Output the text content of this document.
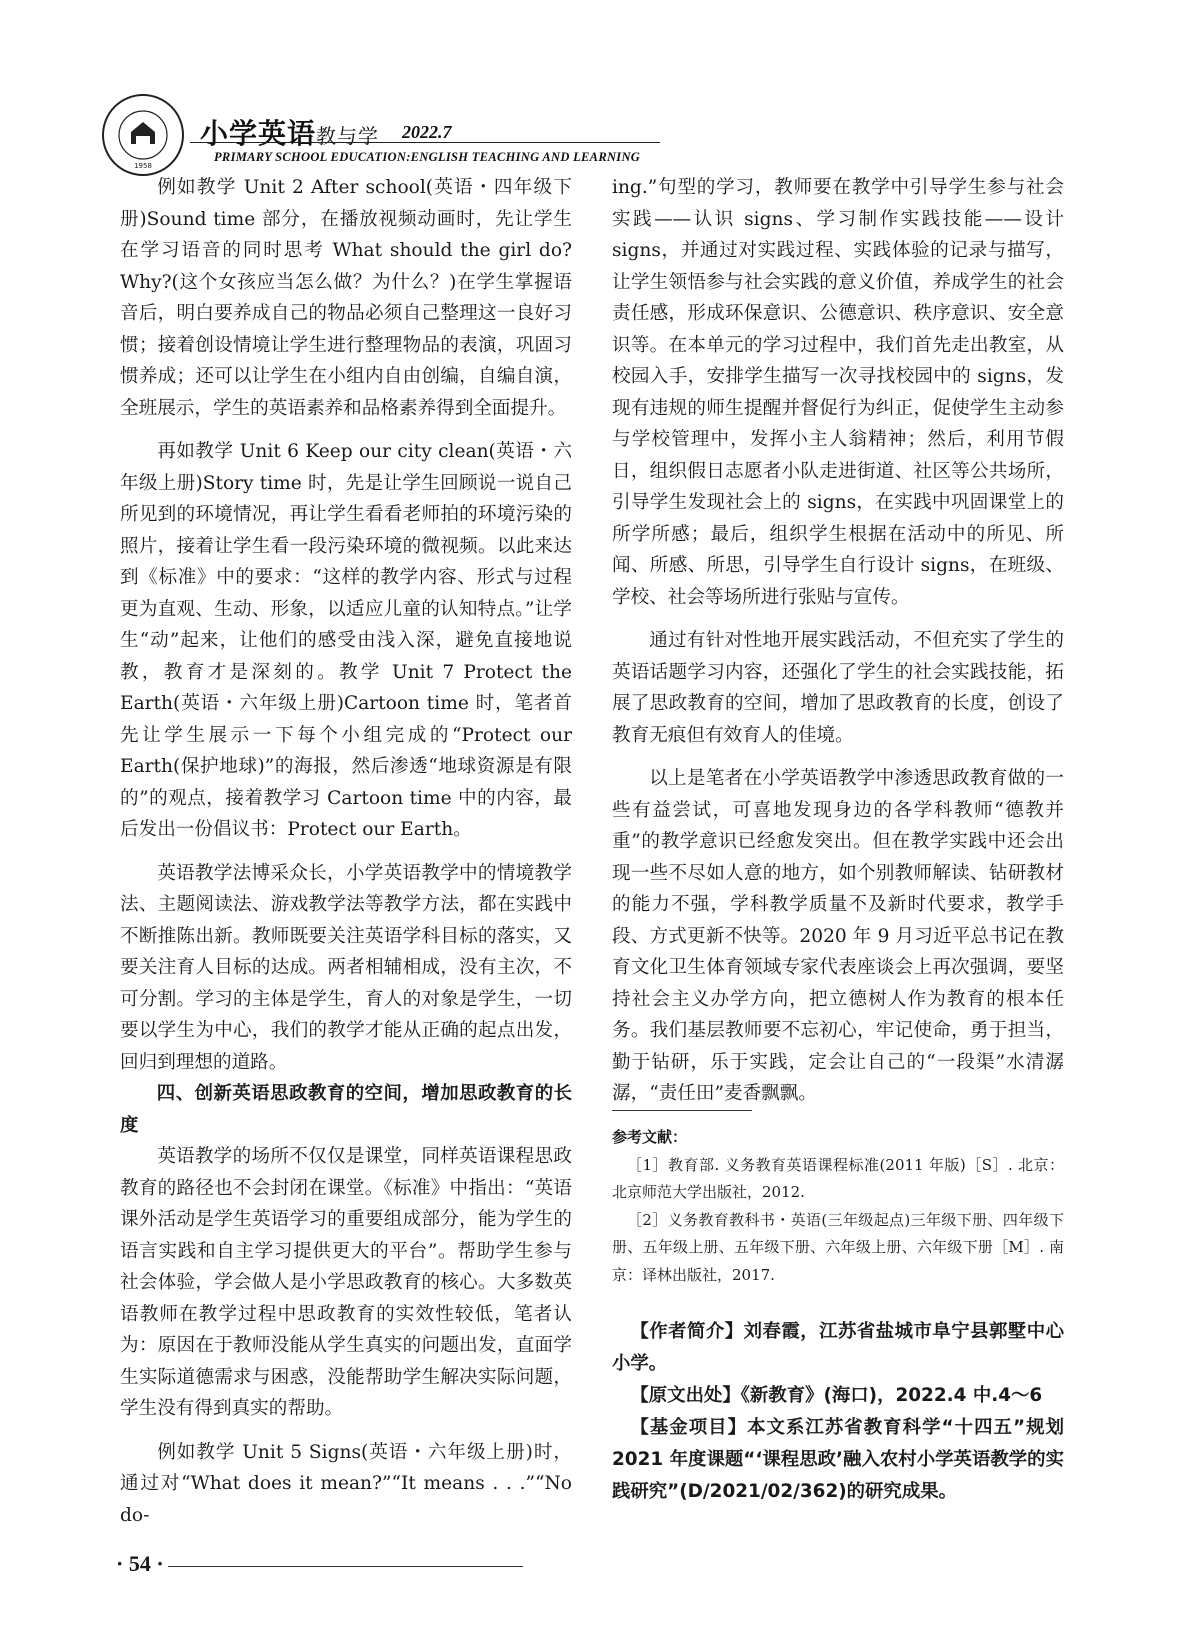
1958
小学英语教与学 2022.7
PRIMARY SCHOOL EDUCATION:ENGLISH TEACHING AND LEARNING

例如教学 Unit 2 After school(英语・四年级下册)Sound time 部分，在播放视频动画时，先让学生在学习语音的同时思考 What should the girl do? Why?(这个女孩应当怎么做？为什么？)在学生掌握语音后，明白要养成自己的物品必须自己整理这一良好习惯；接着创设情境让学生进行整理物品的表演，巩固习惯养成；还可以让学生在小组内自由创编，自编自演，全班展示，学生的英语素养和品格素养得到全面提升。

再如教学 Unit 6 Keep our city clean(英语・六年级上册)Story time 时，先是让学生回顾说一说自己所见到的环境情况，再让学生看看老师拍的环境污染的照片，接着让学生看一段污染环境的微视频。以此来达到《标准》中的要求：“这样的教学内容、形式与过程更为直观、生动、形象，以适应儿童的认知特点。”让学生“动”起来，让他们的感受由浅入深，避免直接地说教，教育才是深刻的。教学 Unit 7 Protect the Earth(英语・六年级上册)Cartoon time 时，笔者首先让学生展示一下每个小组完成的“Protect our Earth(保护地球)”的海报，然后渗透“地球资源是有限的”的观点，接着教学习 Cartoon time 中的内容，最后发出一份倡议书：Protect our Earth。

英语教学法博采众长，小学英语教学中的情境教学法、主题阅读法、游戏教学法等教学方法，都在实践中不断推陈出新。教师既要关注英语学科目标的落实，又要关注育人目标的达成。两者相辅相成，没有主次，不可分割。学习的主体是学生，育人的对象是学生，一切要以学生为中心，我们的教学才能从正确的起点出发，回归到理想的道路。

四、创新英语思政教育的空间，增加思政教育的长度

英语教学的场所不仅仅是课堂，同样英语课程思政教育的路径也不会封闭在课堂。《标准》中指出：“英语课外活动是学生英语学习的重要组成部分，能为学生的语言实践和自主学习提供更大的平台”。帮助学生参与社会体验，学会做人是小学思政教育的核心。大多数英语教师在教学过程中思政教育的实效性较低，笔者认为：原因在于教师没能从学生真实的问题出发，直面学生实际道德需求与困惑，没能帮助学生解决实际问题，学生没有得到真实的帮助。

例如教学 Unit 5 Signs(英语・六年级上册)时，通过对“What does it mean?”“It means . . .”“No do-

ing.”句型的学习，教师要在教学中引导学生参与社会实践——认识 signs、学习制作实践技能——设计 signs，并通过对实践过程、实践体验的记录与描写，让学生领悟参与社会实践的意义价值，养成学生的社会责任感，形成环保意识、公德意识、秩序意识、安全意识等。在本单元的学习过程中，我们首先走出教室，从校园入手，安排学生描写一次寻找校园中的 signs，发现有违规的师生提醒并督促行为纠正，促使学生主动参与学校管理中，发挥小主人翁精神；然后，利用节假日，组织假日志愿者小队走进街道、社区等公共场所，引导学生发现社会上的 signs，在实践中巩固课堂上的所学所感；最后，组织学生根据在活动中的所见、所闻、所感、所思，引导学生自行设计 signs，在班级、学校、社会等场所进行张贴与宣传。

通过有针对性地开展实践活动，不但充实了学生的英语话题学习内容，还强化了学生的社会实践技能，拓展了思政教育的空间，增加了思政教育的长度，创设了教育无痕但有效育人的佳境。

以上是笔者在小学英语教学中渗透思政教育做的一些有益尝试，可喜地发现身边的各学科教师“德教并重”的教学意识已经愈发突出。但在教学实践中还会出现一些不尽如人意的地方，如个别教师解读、钻研教材的能力不强，学科教学质量不及新时代要求，教学手段、方式更新不快等。2020 年 9 月习近平总书记在教育文化卫生体育领域专家代表座谈会上再次强调，要坚持社会主义办学方向，把立德树人作为教育的根本任务。我们基层教师要不忘初心，牢记使命，勇于担当，勤于钻研，乐于实践，定会让自己的“一段渠”水清潺潺，“责任田”麦香飘飘。

参考文献：

［1］教育部. 义务教育英语课程标准(2011 年版)［S］. 北京：北京师范大学出版社，2012.

［2］义务教育教科书・英语(三年级起点)三年级下册、四年级下册、五年级上册、五年级下册、六年级上册、六年级下册［M］. 南京：译林出版社，2017.

【作者简介】刘春霞，江苏省盐城市阜宁县郭墅中心小学。

【原文出处】《新教育》(海口)，2022.4 中.4～6

【基金项目】本文系江苏省教育科学“十四五”规划 2021 年度课题“‘课程思政’融入农村小学英语教学的实践研究”(D/2021/02/362)的研究成果。

· 54 ·
